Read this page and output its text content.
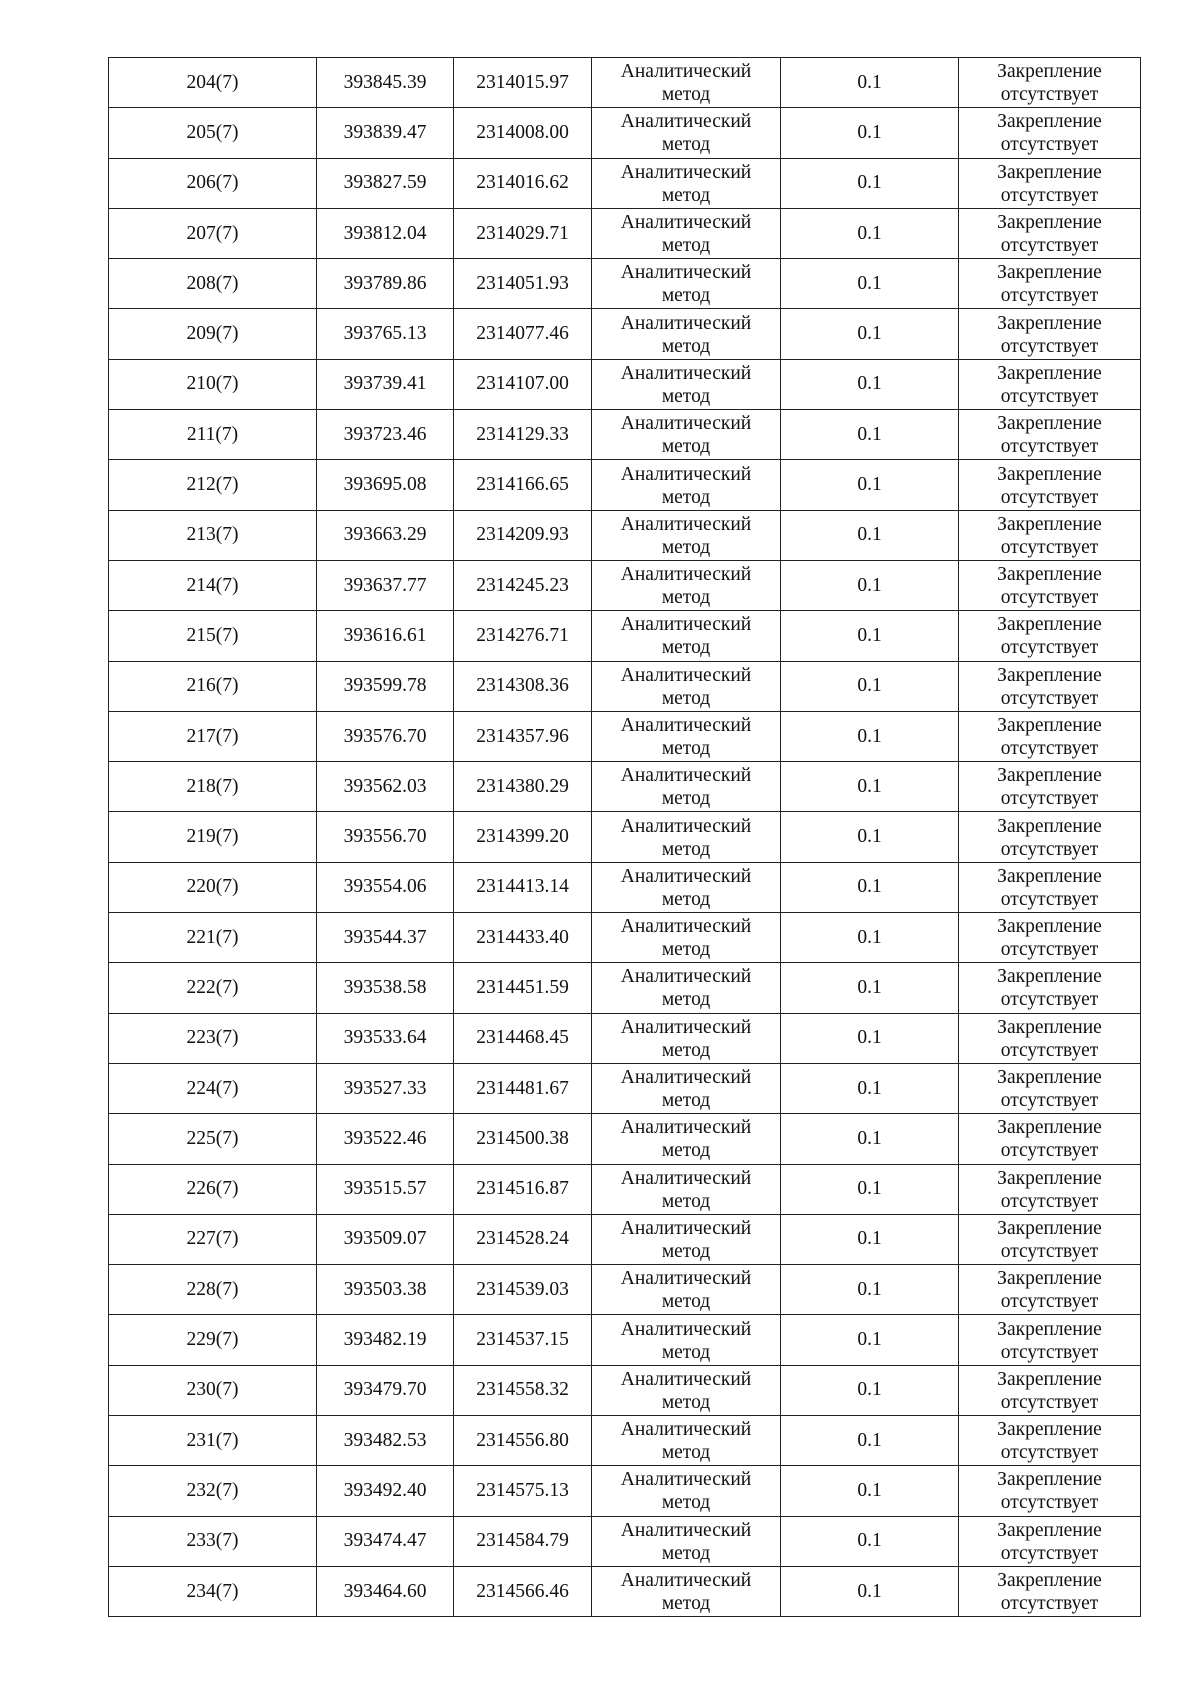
204(7)	393845.39	2314015.97	Аналитический
метод	0.1	Закрепление
отсутствует

205(7)	393839.47	2314008.00	Аналитический
метод	0.1	Закрепление
отсутствует

206(7)	393827.59	2314016.62	Аналитический
метод	0.1	Закрепление
отсутствует

207(7)	393812.04	2314029.71	Аналитический
метод	0.1	Закрепление
отсутствует

208(7)	393789.86	2314051.93	Аналитический
метод	0.1	Закрепление
отсутствует

209(7)	393765.13	2314077.46	Аналитический
метод	0.1	Закрепление
отсутствует

210(7)	393739.41	2314107.00	Аналитический
метод	0.1	Закрепление
отсутствует

211(7)	393723.46	2314129.33	Аналитический
метод	0.1	Закрепление
отсутствует

212(7)	393695.08	2314166.65	Аналитический
метод	0.1	Закрепление
отсутствует

213(7)	393663.29	2314209.93	Аналитический
метод	0.1	Закрепление
отсутствует

214(7)	393637.77	2314245.23	Аналитический
метод	0.1	Закрепление
отсутствует

215(7)	393616.61	2314276.71	Аналитический
метод	0.1	Закрепление
отсутствует

216(7)	393599.78	2314308.36	Аналитический
метод	0.1	Закрепление
отсутствует

217(7)	393576.70	2314357.96	Аналитический
метод	0.1	Закрепление
отсутствует

218(7)	393562.03	2314380.29	Аналитический
метод	0.1	Закрепление
отсутствует

219(7)	393556.70	2314399.20	Аналитический
метод	0.1	Закрепление
отсутствует

220(7)	393554.06	2314413.14	Аналитический
метод	0.1	Закрепление
отсутствует

221(7)	393544.37	2314433.40	Аналитический
метод	0.1	Закрепление
отсутствует

222(7)	393538.58	2314451.59	Аналитический
метод	0.1	Закрепление
отсутствует

223(7)	393533.64	2314468.45	Аналитический
метод	0.1	Закрепление
отсутствует

224(7)	393527.33	2314481.67	Аналитический
метод	0.1	Закрепление
отсутствует

225(7)	393522.46	2314500.38	Аналитический
метод	0.1	Закрепление
отсутствует

226(7)	393515.57	2314516.87	Аналитический
метод	0.1	Закрепление
отсутствует

227(7)	393509.07	2314528.24	Аналитический
метод	0.1	Закрепление
отсутствует

228(7)	393503.38	2314539.03	Аналитический
метод	0.1	Закрепление
отсутствует

229(7)	393482.19	2314537.15	Аналитический
метод	0.1	Закрепление
отсутствует

230(7)	393479.70	2314558.32	Аналитический
метод	0.1	Закрепление
отсутствует

231(7)	393482.53	2314556.80	Аналитический
метод	0.1	Закрепление
отсутствует

232(7)	393492.40	2314575.13	Аналитический
метод	0.1	Закрепление
отсутствует

233(7)	393474.47	2314584.79	Аналитический
метод	0.1	Закрепление
отсутствует

234(7)	393464.60	2314566.46	Аналитический
метод	0.1	Закрепление
отсутствует
